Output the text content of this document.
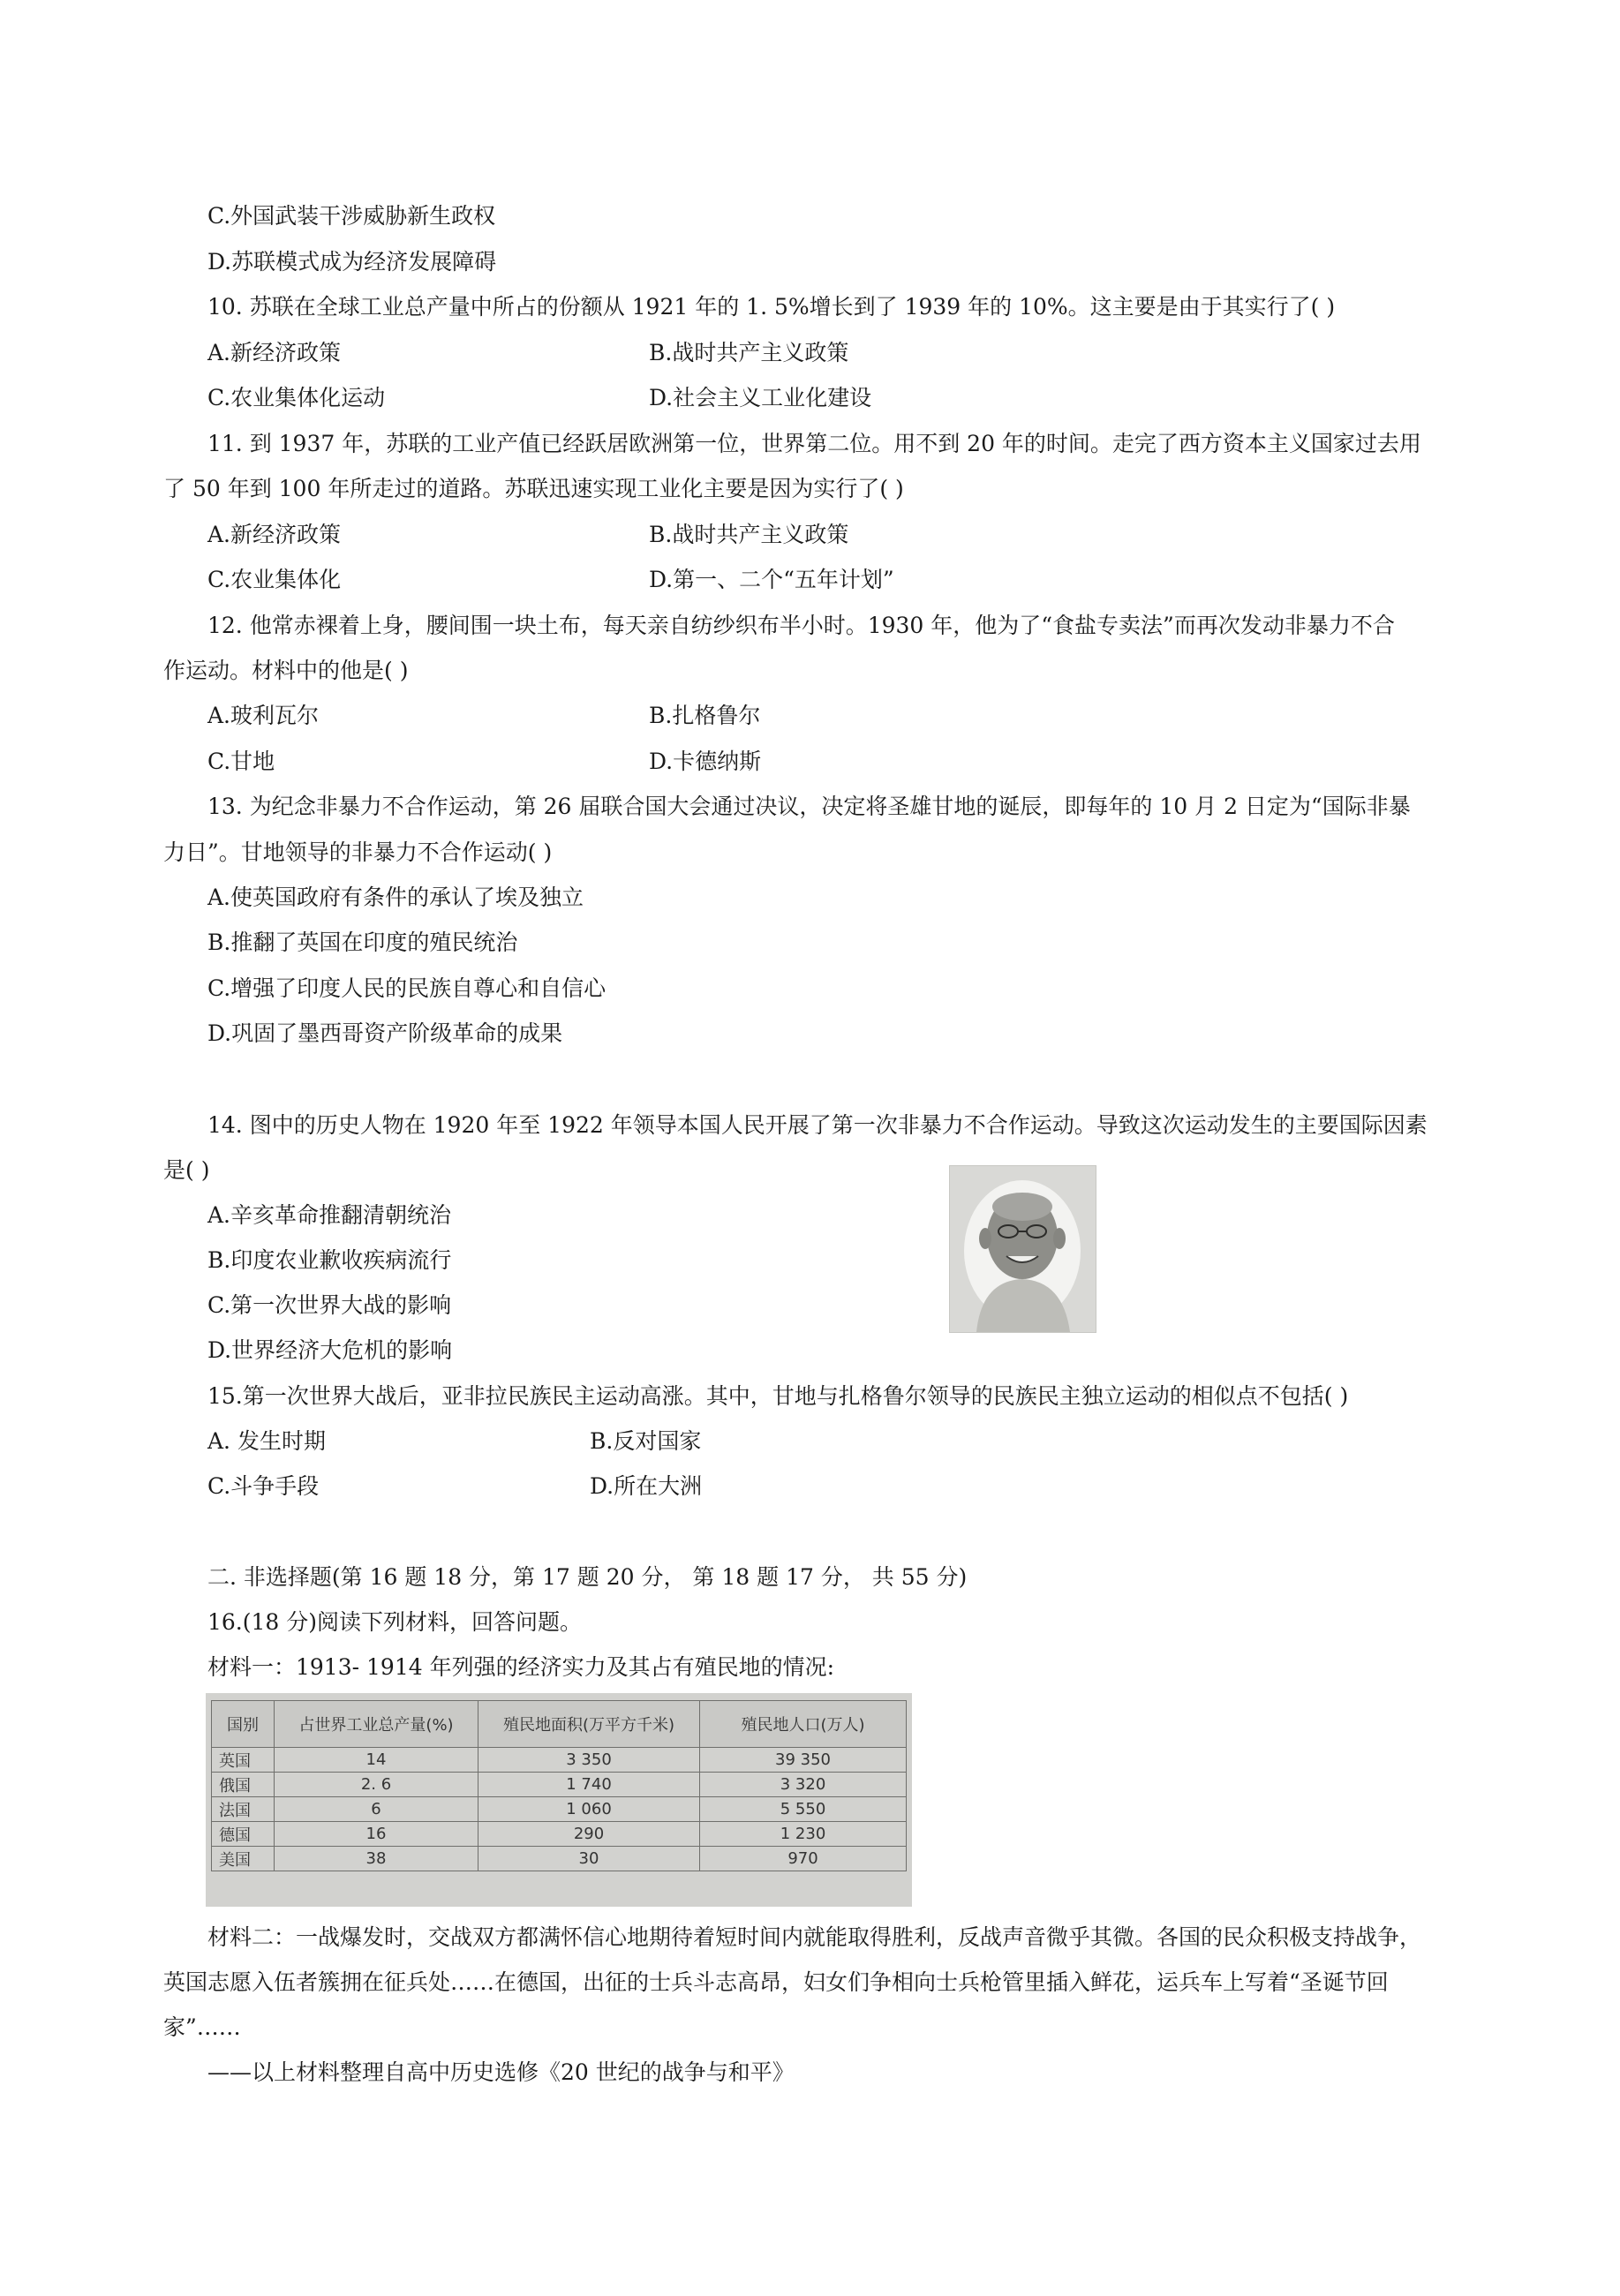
C.外国武装干涉威胁新生政权
D.苏联模式成为经济发展障碍
10. 苏联在全球工业总产量中所占的份额从 1921 年的 1. 5%增长到了 1939 年的 10%。这主要是由于其实行了( )
A.新经济政策	B.战时共产主义政策
C.农业集体化运动	D.社会主义工业化建设
11. 到 1937 年，苏联的工业产值已经跃居欧洲第一位，世界第二位。用不到 20 年的时间。走完了西方资本主义国家过去用
了 50 年到 100 年所走过的道路。苏联迅速实现工业化主要是因为实行了( )
A.新经济政策	B.战时共产主义政策
C.农业集体化	D.第一、二个“五年计划”
12. 他常赤裸着上身，腰间围一块土布，每天亲自纺纱织布半小时。1930 年，他为了“食盐专卖法”而再次发动非暴力不合
作运动。材料中的他是( )
A.玻利瓦尔	B.扎格鲁尔
C.甘地	D.卡德纳斯
13. 为纪念非暴力不合作运动，第 26 届联合国大会通过决议，决定将圣雄甘地的诞辰，即每年的 10 月 2 日定为“国际非暴
力日”。甘地领导的非暴力不合作运动( )
A.使英国政府有条件的承认了埃及独立
B.推翻了英国在印度的殖民统治
C.增强了印度人民的民族自尊心和自信心
D.巩固了墨西哥资产阶级革命的成果
14. 图中的历史人物在 1920 年至 1922 年领导本国人民开展了第一次非暴力不合作运动。导致这次运动发生的主要国际因素
是( )
A.辛亥革命推翻清朝统治
B.印度农业歉收疾病流行
C.第一次世界大战的影响
D.世界经济大危机的影响
15.第一次世界大战后，亚非拉民族民主运动高涨。其中，甘地与扎格鲁尔领导的民族民主独立运动的相似点不包括( )
A. 发生时期	B.反对国家
C.斗争手段	D.所在大洲
二. 非选择题(第 16 题 18 分，第 17 题 20 分， 第 18 题 17 分， 共 55 分)
16.(18 分)阅读下列材料，回答问题。
材料一：1913- 1914 年列强的经济实力及其占有殖民地的情况:
国别	占世界工业总产量(%)	殖民地面积(万平方千米)	殖民地人口(万人)
英国	14	3 350	39 350
俄国	2. 6	1 740	3 320
法国	6	1 060	5 550
德国	16	290	1 230
美国	38	30	970
材料二：一战爆发时，交战双方都满怀信心地期待着短时间内就能取得胜利，反战声音微乎其微。各国的民众积极支持战争，
英国志愿入伍者簇拥在征兵处……在德国，出征的士兵斗志高昂，妇女们争相向士兵枪管里插入鲜花，运兵车上写着“圣诞节回
家”……
——以上材料整理自高中历史选修《20 世纪的战争与和平》
